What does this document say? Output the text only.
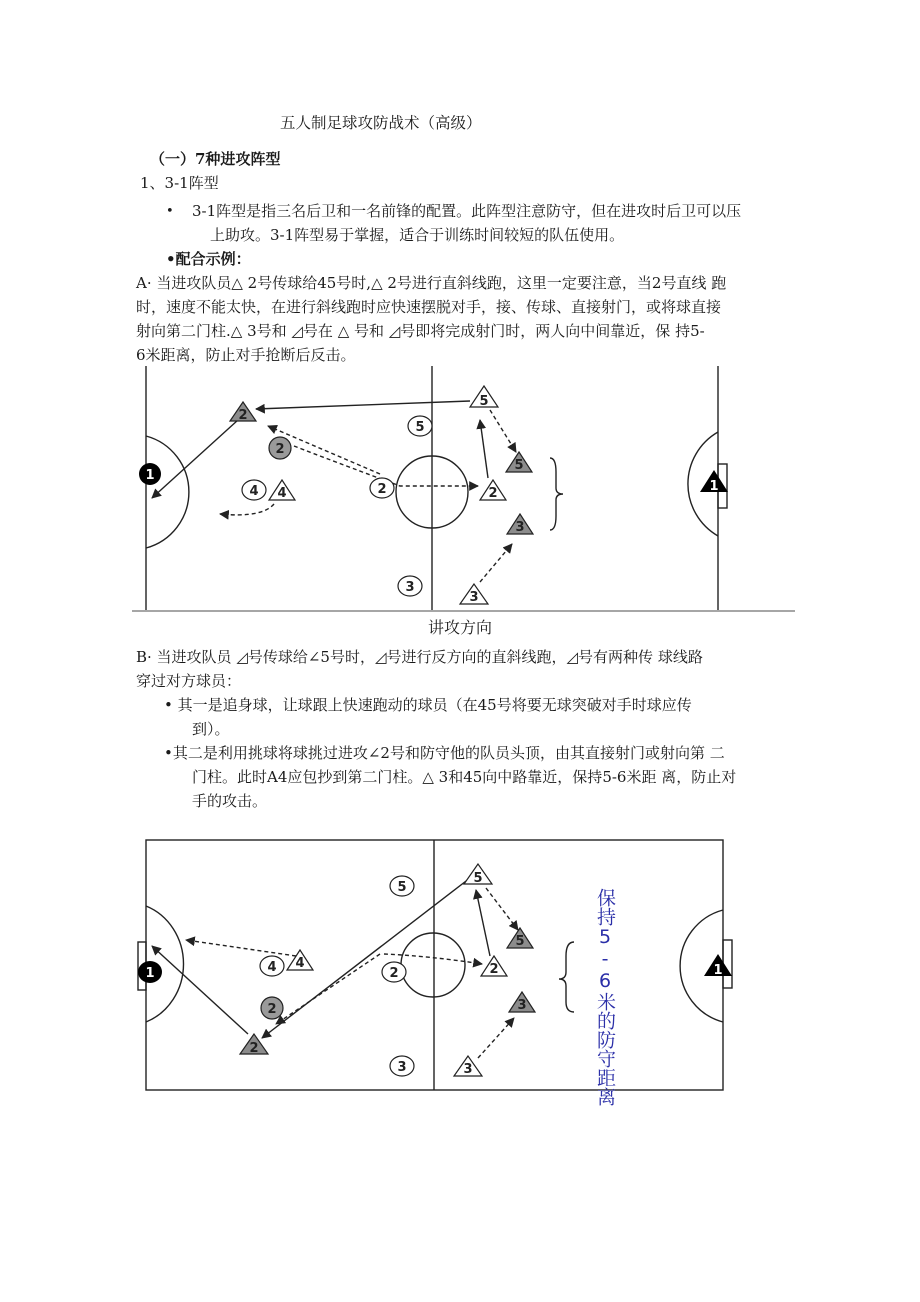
五人制足球攻防战术（高级）
（一）7种进攻阵型
1、3-1阵型
• 3-1阵型是指三名后卫和一名前锋的配置。此阵型注意防守，但在进攻时后卫可以压
上助攻。3-1阵型易于掌握，适合于训练时间较短的队伍使用。
•配合示例：
A· 当进攻队员△ 2号传球给45号时,△ 2号进行直斜线跑，这里一定要注意，当2号直线 跑
时，速度不能太快，在进行斜线跑时应快速摆脱对手，接、传球、直接射门，或将球直接
射向第二门柱.△ 3号和 ◿号在 △ 号和 ◿号即将完成射门时，两人向中间靠近，保 持5-
6米距离，防止对手抢断后反击。
讲攻方向
B· 当进攻队员 ◿号传球给∠5号时，◿号进行反方向的直斜线跑，◿号有两种传 球线路
穿过对方球员：
• 其一是追身球，让球跟上快速跑动的球员（在45号将要无球突破对手时球应传
到）。
•其二是利用挑球将球挑过进攻∠2号和防守他的队员头顶，由其直接射门或射向第 二
门柱。此时A4应包抄到第二门柱。△ 3和45向中路靠近，保持5-6米距 离，防止对
手的攻击。
1
2
2
4 4
5
2
5
2
5
3
3
3
1
1
5
5
5
4 4
2	2
2	3
2
3	3
1
保持5-6米的防守距离
